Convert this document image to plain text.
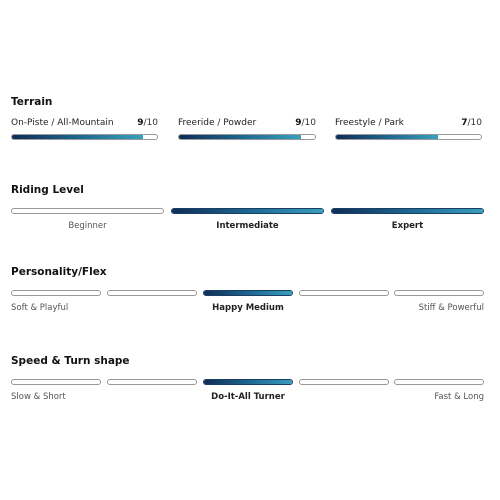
Terrain
On-Piste / All-Mountain	9/10 Freeride / Powder	9/10 Freestyle / Park	7/10
Riding Level
Beginner	Intermediate	Expert
Personality/Flex
Soft & Playful	Happy Medium	Stiff & Powerful
Speed & Turn shape
Slow & Short	Do-It-All Turner	Fast & Long
